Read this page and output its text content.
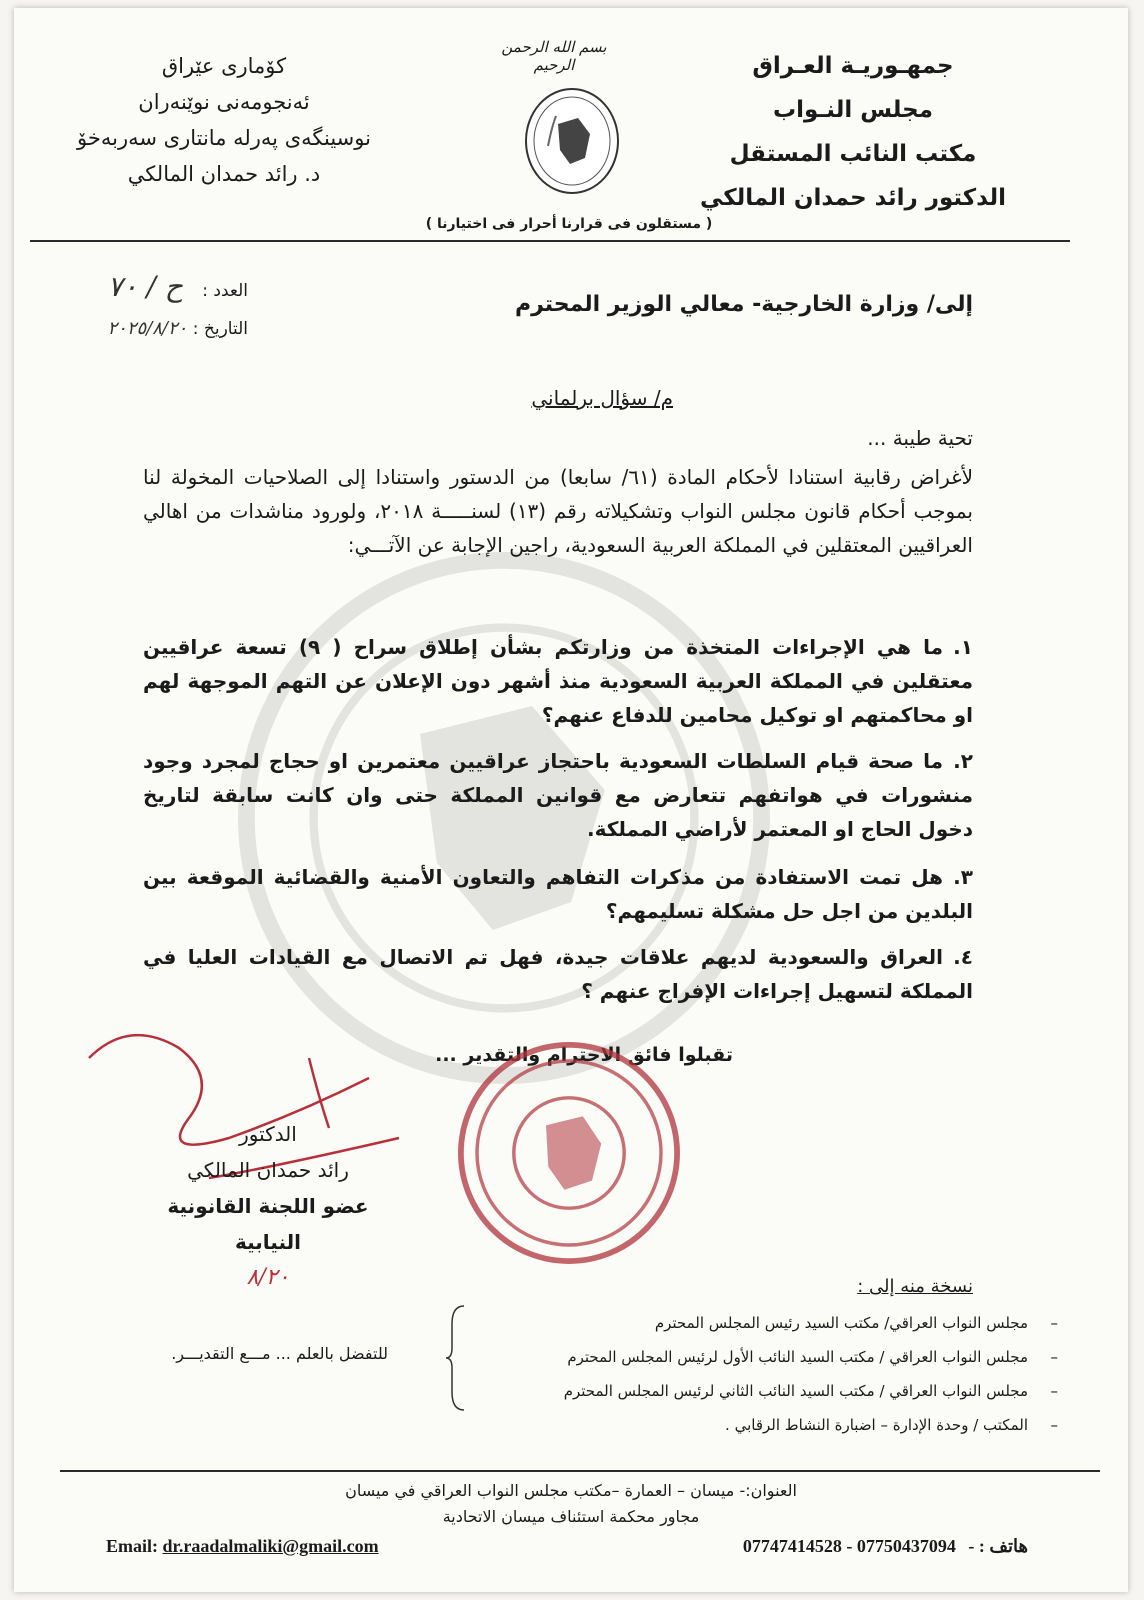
جمهـوريـة العـراق
مجلس النـواب
مكتب النائب المستقل
الدكتور رائد حمدان المالكي
كۆماری عێراق
ئەنجومەنی نوێنەران
نوسینگەی پەرلە مانتاری سەربەخۆ
د. رائد حمدان المالكي
بسم الله الرحمن الرحيم
( مستقلون فى قرارنا أحرار فى اختيارنا )
العدد : ح / ٧٠
التاريخ : ٢٠٢٥/٨/٢٠
إلى/ وزارة الخارجية- معالي الوزير المحترم
م/ سؤال برلماني
تحية طيبة ...
لأغراض رقابية استنادا لأحكام المادة (٦١/ سابعا) من الدستور واستنادا إلى الصلاحيات المخولة لنا بموجب أحكام قانون مجلس النواب وتشكيلاته رقم (١٣) لسنـــــة ٢٠١٨، ولورود مناشدات من اهالي العراقيين المعتقلين في المملكة العربية السعودية، راجين الإجابة عن الآتـــي:
١.ما هي الإجراءات المتخذة من وزارتكم بشأن إطلاق سراح ( ٩) تسعة عراقيين معتقلين في المملكة العربية السعودية منذ أشهر دون الإعلان عن التهم الموجهة لهم او محاكمتهم او توكيل محامين للدفاع عنهم؟
٢.ما صحة قيام السلطات السعودية باحتجاز عراقيين معتمرين او حجاج لمجرد وجود منشورات في هواتفهم تتعارض مع قوانين المملكة حتى وان كانت سابقة لتاريخ دخول الحاج او المعتمر لأراضي المملكة.
٣.هل تمت الاستفادة من مذكرات التفاهم والتعاون الأمنية والقضائية الموقعة بين البلدين من اجل حل مشكلة تسليمهم؟
٤.العراق والسعودية لديهم علاقات جيدة، فهل تم الاتصال مع القيادات العليا في المملكة لتسهيل إجراءات الإفراج عنهم ؟
تقبلوا فائق الاحترام والتقدير ...
الدكتور
رائد حمدان المالكي
عضو اللجنة القانونية النيابية
٨/٢٠	نسخة منه إلى :
– مجلس النواب العراقي/ مكتب السيد رئيس المجلس المحترم
– مجلس النواب العراقي / مكتب السيد النائب الأول لرئيس المجلس المحترم
– مجلس النواب العراقي / مكتب السيد النائب الثاني لرئيس المجلس المحترم
– المكتب / وحدة الإدارة – اضبارة النشاط الرقابي .
للتفضل بالعلم ... مـــع التقديـــر.
العنوان:- ميسان – العمارة –مكتب مجلس النواب العراقي في ميسان
مجاور محكمة استئناف ميسان الاتحادية
Email: dr.raadalmaliki@gmail.com	هاتف : - 07747414528 - 07750437094
